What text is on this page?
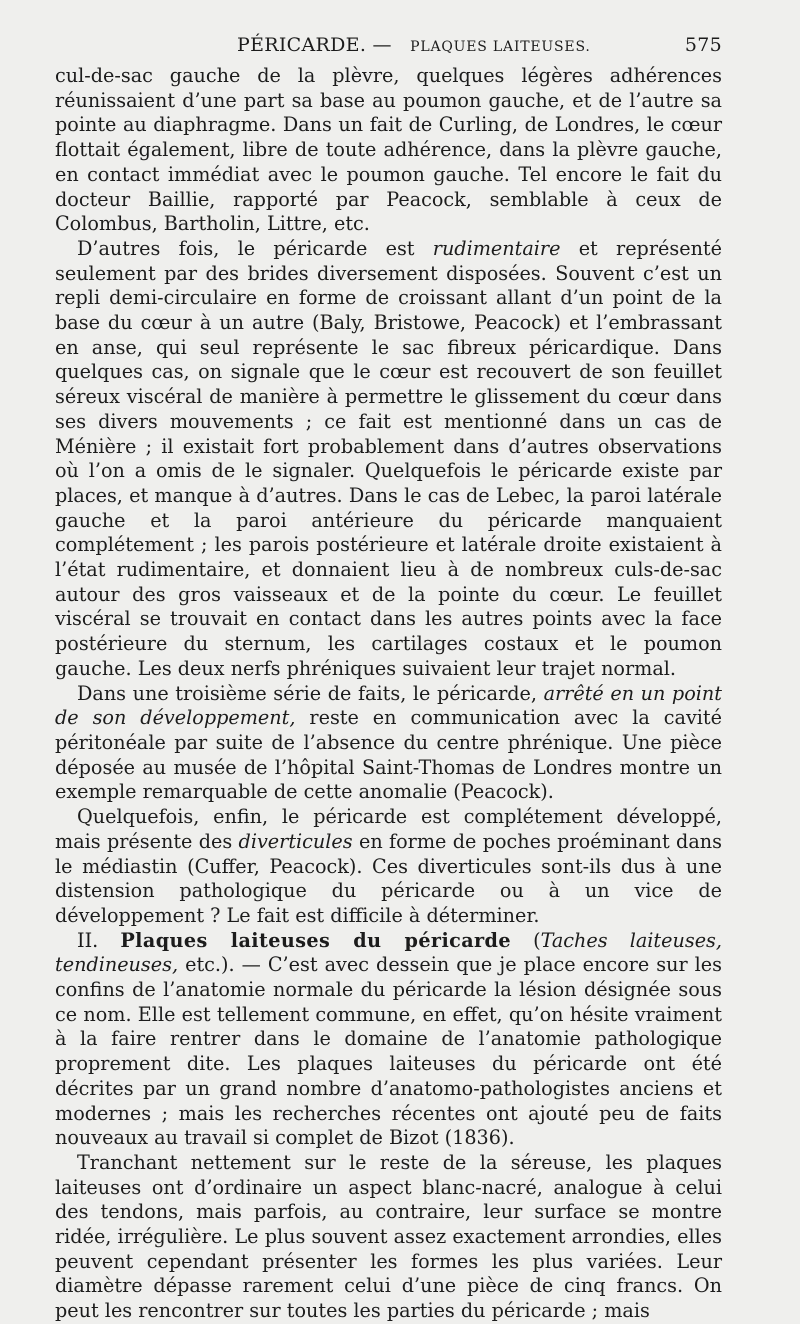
PÉRICARDE. — PLAQUES LAITEUSES.	575

cul-de-sac gauche de la plèvre, quelques légères adhérences réunissaient d’une part sa base au poumon gauche, et de l’autre sa pointe au diaphragme. Dans un fait de Curling, de Londres, le cœur flottait également, libre de toute adhérence, dans la plèvre gauche, en contact immédiat avec le poumon gauche. Tel encore le fait du docteur Baillie, rapporté par Peacock, semblable à ceux de Colombus, Bartholin, Littre, etc.

D’autres fois, le péricarde est rudimentaire et représenté seulement par des brides diversement disposées. Souvent c’est un repli demi-circulaire en forme de croissant allant d’un point de la base du cœur à un autre (Baly, Bristowe, Peacock) et l’embrassant en anse, qui seul représente le sac fibreux péricardique. Dans quelques cas, on signale que le cœur est recouvert de son feuillet séreux viscéral de manière à permettre le glissement du cœur dans ses divers mouvements ; ce fait est mentionné dans un cas de Ménière ; il existait fort probablement dans d’autres observations où l’on a omis de le signaler. Quelquefois le péricarde existe par places, et manque à d’autres. Dans le cas de Lebec, la paroi latérale gauche et la paroi antérieure du péricarde manquaient complétement ; les parois postérieure et latérale droite existaient à l’état rudimentaire, et donnaient lieu à de nombreux culs-de-sac autour des gros vaisseaux et de la pointe du cœur. Le feuillet viscéral se trouvait en contact dans les autres points avec la face postérieure du sternum, les cartilages costaux et le poumon gauche. Les deux nerfs phréniques suivaient leur trajet normal.

Dans une troisième série de faits, le péricarde, arrêté en un point de son développement, reste en communication avec la cavité péritonéale par suite de l’absence du centre phrénique. Une pièce déposée au musée de l’hôpital Saint-Thomas de Londres montre un exemple remarquable de cette anomalie (Peacock).

Quelquefois, enfin, le péricarde est complétement développé, mais présente des diverticules en forme de poches proéminant dans le médiastin (Cuffer, Peacock). Ces diverticules sont-ils dus à une distension pathologique du péricarde ou à un vice de développement ? Le fait est difficile à déterminer.

II. Plaques laiteuses du péricarde (Taches laiteuses, tendineuses, etc.). — C’est avec dessein que je place encore sur les confins de l’anatomie normale du péricarde la lésion désignée sous ce nom. Elle est tellement commune, en effet, qu’on hésite vraiment à la faire rentrer dans le domaine de l’anatomie pathologique proprement dite. Les plaques laiteuses du péricarde ont été décrites par un grand nombre d’anatomo-pathologistes anciens et modernes ; mais les recherches récentes ont ajouté peu de faits nouveaux au travail si complet de Bizot (1836).

Tranchant nettement sur le reste de la séreuse, les plaques laiteuses ont d’ordinaire un aspect blanc-nacré, analogue à celui des tendons, mais parfois, au contraire, leur surface se montre ridée, irrégulière. Le plus souvent assez exactement arrondies, elles peuvent cependant présenter les formes les plus variées. Leur diamètre dépasse rarement celui d’une pièce de cinq francs. On peut les rencontrer sur toutes les parties du péricarde ; mais
